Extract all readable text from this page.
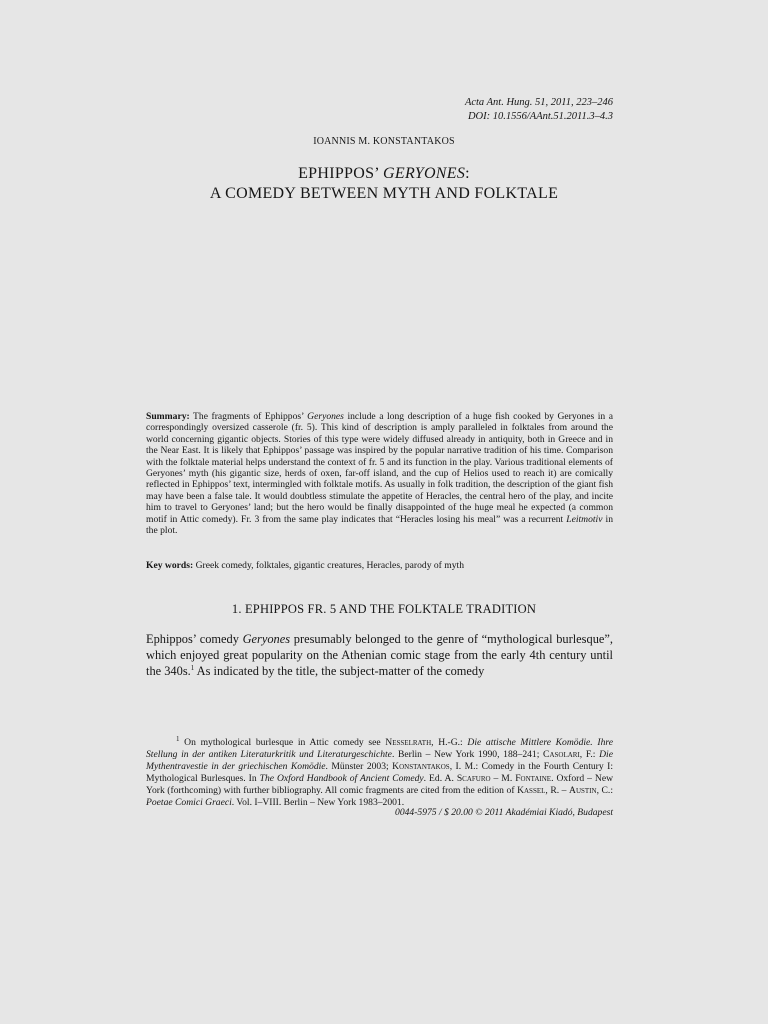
Acta Ant. Hung. 51, 2011, 223–246
DOI: 10.1556/AAnt.51.2011.3–4.3
IOANNIS M. KONSTANTAKOS
EPHIPPOS’ GERYONES:
A COMEDY BETWEEN MYTH AND FOLKTALE
Summary: The fragments of Ephippos’ Geryones include a long description of a huge fish cooked by Geryones in a correspondingly oversized casserole (fr. 5). This kind of description is amply paralleled in folktales from around the world concerning gigantic objects. Stories of this type were widely diffused already in antiquity, both in Greece and in the Near East. It is likely that Ephippos’ passage was inspired by the popular narrative tradition of his time. Comparison with the folktale material helps understand the context of fr. 5 and its function in the play. Various traditional elements of Geryones’ myth (his gigantic size, herds of oxen, far-off island, and the cup of Helios used to reach it) are comically reflected in Ephippos’ text, intermingled with folktale motifs. As usually in folk tradition, the description of the giant fish may have been a false tale. It would doubtless stimulate the appetite of Heracles, the central hero of the play, and incite him to travel to Geryones’ land; but the hero would be finally disappointed of the huge meal he expected (a common motif in Attic comedy). Fr. 3 from the same play indicates that “Heracles losing his meal” was a recurrent Leitmotiv in the plot.
Key words: Greek comedy, folktales, gigantic creatures, Heracles, parody of myth
1. EPHIPPOS FR. 5 AND THE FOLKTALE TRADITION
Ephippos’ comedy Geryones presumably belonged to the genre of “mythological burlesque”, which enjoyed great popularity on the Athenian comic stage from the early 4th century until the 340s.$^1$ As indicated by the title, the subject-matter of the comedy
$^1$ On mythological burlesque in Attic comedy see Nesselrath, H.-G.: Die attische Mittlere Komödie. Ihre Stellung in der antiken Literaturkritik und Literaturgeschichte. Berlin – New York 1990, 188–241; Casolari, F.: Die Mythentravestie in der griechischen Komödie. Münster 2003; Konstantakos, I. M.: Comedy in the Fourth Century I: Mythological Burlesques. In The Oxford Handbook of Ancient Comedy. Ed. A. Scafuro – M. Fontaine. Oxford – New York (forthcoming) with further bibliography. All comic fragments are cited from the edition of Kassel, R. – Austin, C.: Poetae Comici Graeci. Vol. I–VIII. Berlin – New York 1983–2001.
0044-5975 / $ 20.00 © 2011 Akadémiai Kiadó, Budapest
